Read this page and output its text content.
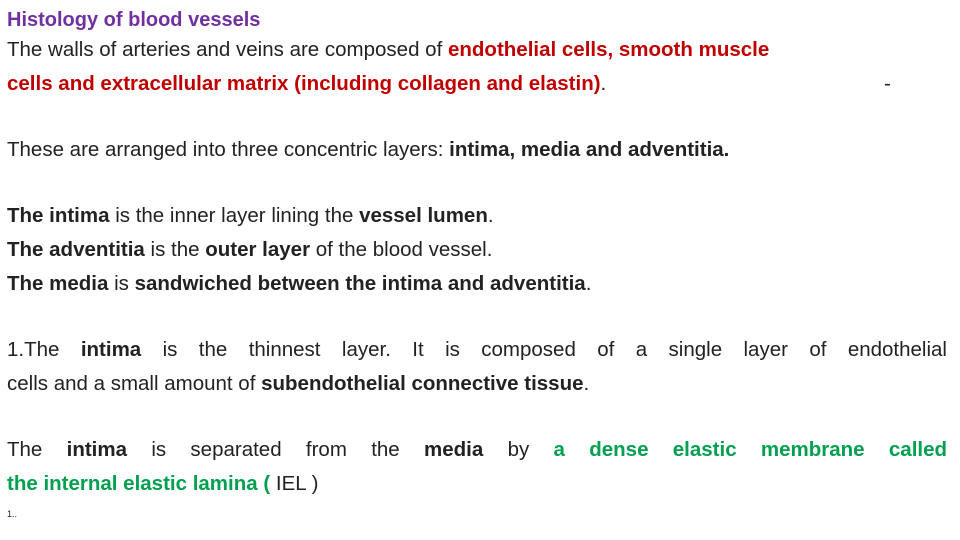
Histology of blood vessels
The walls of arteries and veins are composed of endothelial cells, smooth muscle
cells and extracellular matrix (including collagen and elastin).	-
These are arranged into three concentric layers: intima, media and adventitia.
The intima is the inner layer lining the vessel lumen.
The adventitia is the outer layer of the blood vessel.
The media is sandwiched between the intima and adventitia.
1.The intima is the thinnest layer. It is composed of a single layer of endothelial
cells and a small amount of subendothelial connective tissue.
The intima is separated from the media by a dense elastic membrane called
the internal elastic lamina ( IEL )
1..
